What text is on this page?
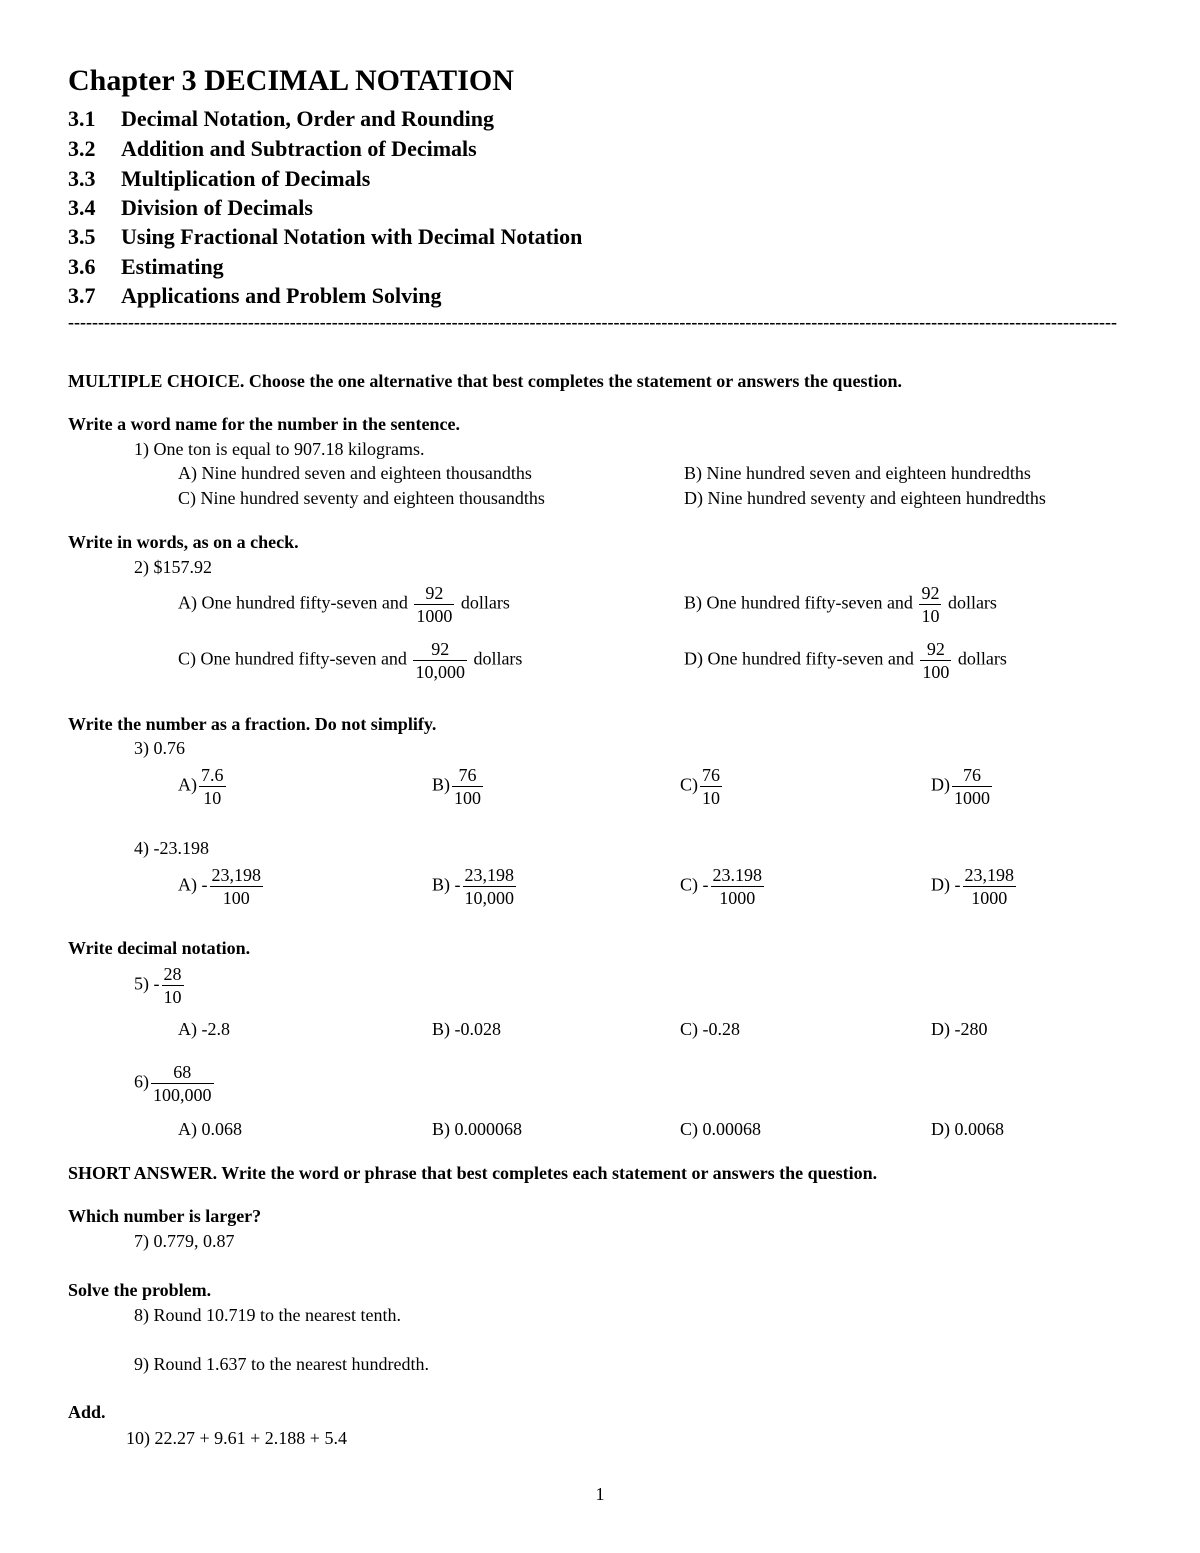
Chapter 3 DECIMAL NOTATION
3.1 Decimal Notation, Order and Rounding
3.2 Addition and Subtraction of Decimals
3.3 Multiplication of Decimals
3.4 Division of Decimals
3.5 Using Fractional Notation with Decimal Notation
3.6 Estimating
3.7 Applications and Problem Solving
-------------------------------------------------------------------------------------------------------------------------------------------------------------------------------
MULTIPLE CHOICE. Choose the one alternative that best completes the statement or answers the question.
Write a word name for the number in the sentence.
1) One ton is equal to 907.18 kilograms.
A) Nine hundred seven and eighteen thousandths	B) Nine hundred seven and eighteen hundredths
C) Nine hundred seventy and eighteen thousandths	D) Nine hundred seventy and eighteen hundredths
Write in words, as on a check.
2) $157.92
A) One hundred fifty-seven and $\frac{92}{1000}$ dollars	B) One hundred fifty-seven and $\frac{92}{10}$ dollars
C) One hundred fifty-seven and $\frac{92}{10,000}$ dollars	D) One hundred fifty-seven and $\frac{92}{100}$ dollars
Write the number as a fraction. Do not simplify.
3) 0.76
$A) \frac{7.6}{10}$	$B) \frac{76}{100}$	$C) \frac{76}{10}$	$D) \frac{76}{1000}$
4) -23.198
$A) - \frac{23,198}{100}$	$B) - \frac{23,198}{10,000}$	$C) - \frac{23.198}{1000}$	$D) - \frac{23,198}{1000}$
Write decimal notation.
$5) - \frac{28}{10}$
A) -2.8	B) -0.028	C) -0.28	D) -280
$6) \frac{68}{100,000}$
A) 0.068	B) 0.000068	C) 0.00068	D) 0.0068
SHORT ANSWER. Write the word or phrase that best completes each statement or answers the question.
Which number is larger?
7) 0.779, 0.87
Solve the problem.
8) Round 10.719 to the nearest tenth.
9) Round 1.637 to the nearest hundredth.
Add.
10) 22.27 + 9.61 + 2.188 + 5.4
1
